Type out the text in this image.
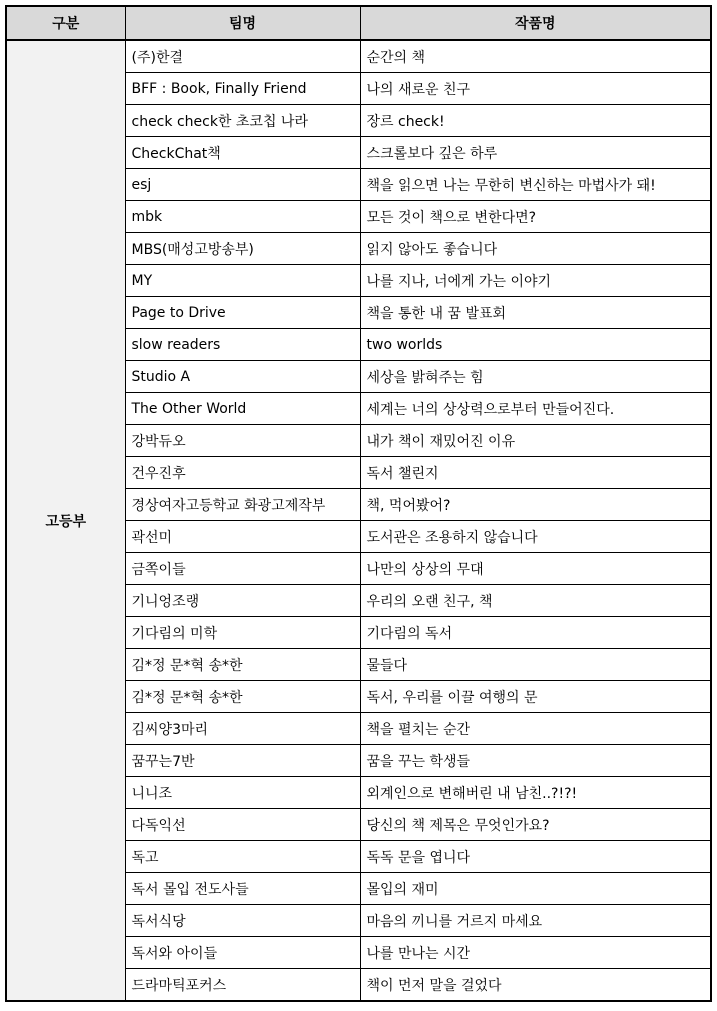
구분	팀명	작품명
고등부	(주)한결	순간의 책
	BFF : Book, Finally Friend	나의 새로운 친구
	check check한 초코칩 나라	장르 check!
	CheckChat책	스크롤보다 깊은 하루
	esj	책을 읽으면 나는 무한히 변신하는 마법사가 돼!
	mbk	모든 것이 책으로 변한다면?
	MBS(매성고방송부)	읽지 않아도 좋습니다
	MY	나를 지나, 너에게 가는 이야기
	Page to Drive	책을 통한 내 꿈 발표회
	slow readers	two worlds
	Studio A	세상을 밝혀주는 힘
	The Other World	세계는 너의 상상력으로부터 만들어진다.
	강박듀오	내가 책이 재밌어진 이유
	건우진후	독서 챌린지
	경상여자고등학교 화광고제작부	책, 먹어봤어?
	곽선미	도서관은 조용하지 않습니다
	금쪽이들	나만의 상상의 무대
	기니엉조랭	우리의 오랜 친구, 책
	기다림의 미학	기다림의 독서
	김*정 문*혁 송*한	물들다
	김*정 문*혁 송*한	독서, 우리를 이끌 여행의 문
	김씨양3마리	책을 펼치는 순간
	꿈꾸는7반	꿈을 꾸는 학생들
	니니조	외계인으로 변해버린 내 남친..?!?!
	다독익선	당신의 책 제목은 무엇인가요?
	독고	독독 문을 엽니다
	독서 몰입 전도사들	몰입의 재미
	독서식당	마음의 끼니를 거르지 마세요
	독서와 아이들	나를 만나는 시간
	드라마틱포커스	책이 먼저 말을 걸었다
